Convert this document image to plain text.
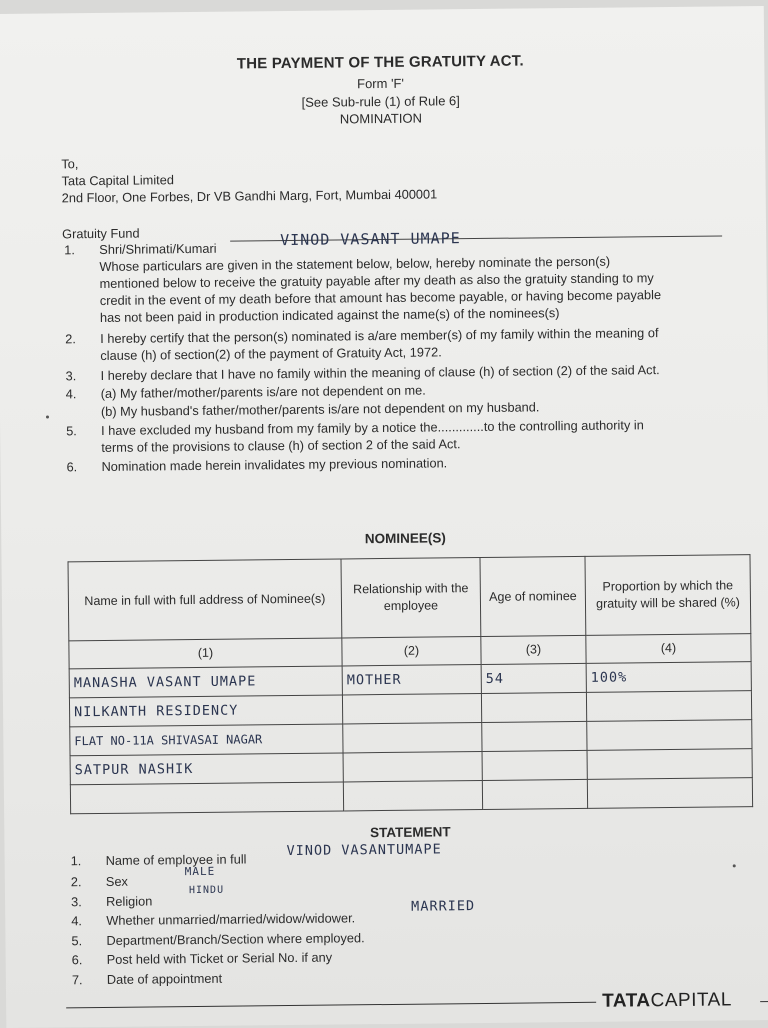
THE PAYMENT OF THE GRATUITY ACT.
Form 'F'
[See Sub-rule (1) of Rule 6]
NOMINATION
To,
Tata Capital Limited
2nd Floor, One Forbes, Dr VB Gandhi Marg, Fort, Mumbai 400001
Gratuity Fund
1. Shri/Shrimati/Kumari	VINOD VASANT UMAPE
Whose particulars are given in the statement below, below, hereby nominate the person(s)
mentioned below to receive the gratuity payable after my death as also the gratuity standing to my
credit in the event of my death before that amount has become payable, or having become payable
has not been paid in production indicated against the name(s) of the nominees(s)
2. I hereby certify that the person(s) nominated is a/are member(s) of my family within the meaning of
clause (h) of section(2) of the payment of Gratuity Act, 1972.
3. I hereby declare that I have no family within the meaning of clause (h) of section (2) of the said Act.
4. (a) My father/mother/parents is/are not dependent on me.
(b) My husband's father/mother/parents is/are not dependent on my husband.
5. I have excluded my husband from my family by a notice the.............to the controlling authority in
terms of the provisions to clause (h) of section 2 of the said Act.
6. Nomination made herein invalidates my previous nomination.
NOMINEE(S)
Name in full with full address of Nominee(s)	Relationship with the employee	Age of nominee	Proportion by which the gratuity will be shared (%)
(1)	(2)	(3)	(4)
MANASHA VASANT UMAPE	MOTHER	54	100%
NILKANTH RESIDENCY			
FLAT NO-11A SHIVASAI NAGAR			
SATPUR NASHIK			

STATEMENT
1. Name of employee in full
VINOD VASANTUMAPE
2. Sex
MALE
3. Religion
HINDU
4. Whether unmarried/married/widow/widower.
MARRIED
5. Department/Branch/Section where employed.
6. Post held with Ticket or Serial No. if any
7. Date of appointment
TATACAPITAL
